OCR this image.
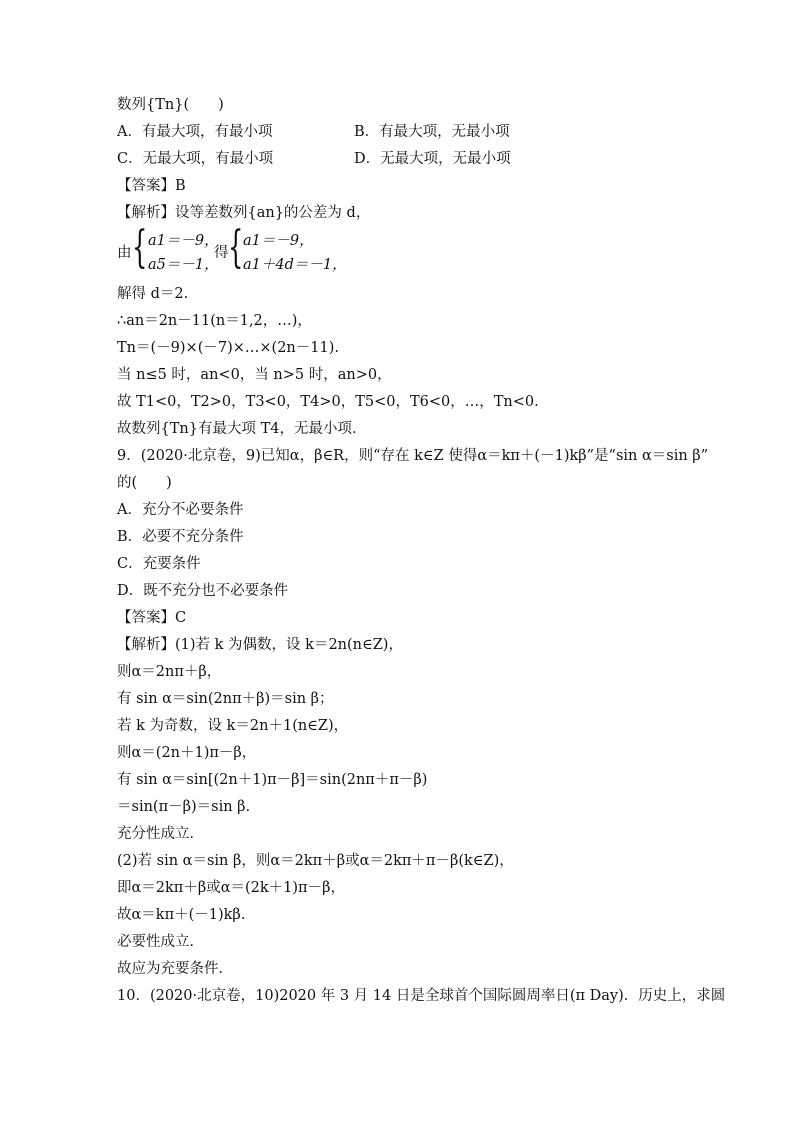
数列{Tn}(　　)
A．有最大项，有最小项	B．有最大项，无最小项
C．无最大项，有最小项	D．无最大项，无最小项
【答案】B
【解析】设等差数列{an}的公差为 d，
由 { a1＝－9，
a5＝－1，
得 { a1＝－9，
a1＋4d＝－1，
解得 d＝2.
∴an＝2n－11(n＝1,2，…)，
Tn＝(－9)×(－7)×…×(2n－11).
当 n≤5 时，an<0，当 n>5 时，an>0，
故 T1<0，T2>0，T3<0，T4>0，T5<0，T6<0，…，Tn<0.
故数列{Tn}有最大项 T4，无最小项．
9．(2020·北京卷，9)已知α，β∈R，则“存在 k∈Z 使得α＝kπ＋(－1)kβ”是“sin α＝sin β”
的(　　)
A．充分不必要条件
B．必要不充分条件
C．充要条件
D．既不充分也不必要条件
【答案】C
【解析】(1)若 k 为偶数，设 k＝2n(n∈Z)，
则α＝2nπ＋β，
有 sin α＝sin(2nπ＋β)＝sin β；
若 k 为奇数，设 k＝2n＋1(n∈Z)，
则α＝(2n＋1)π－β，
有 sin α＝sin[(2n＋1)π－β]＝sin(2nπ＋π－β)
＝sin(π－β)＝sin β.
充分性成立．
(2)若 sin α＝sin β，则α＝2kπ＋β或α＝2kπ＋π－β(k∈Z)，
即α＝2kπ＋β或α＝(2k＋1)π－β，
故α＝kπ＋(－1)kβ.
必要性成立．
故应为充要条件．
10．(2020·北京卷，10)2020 年 3 月 14 日是全球首个国际圆周率日(π Day)．历史上，求圆
